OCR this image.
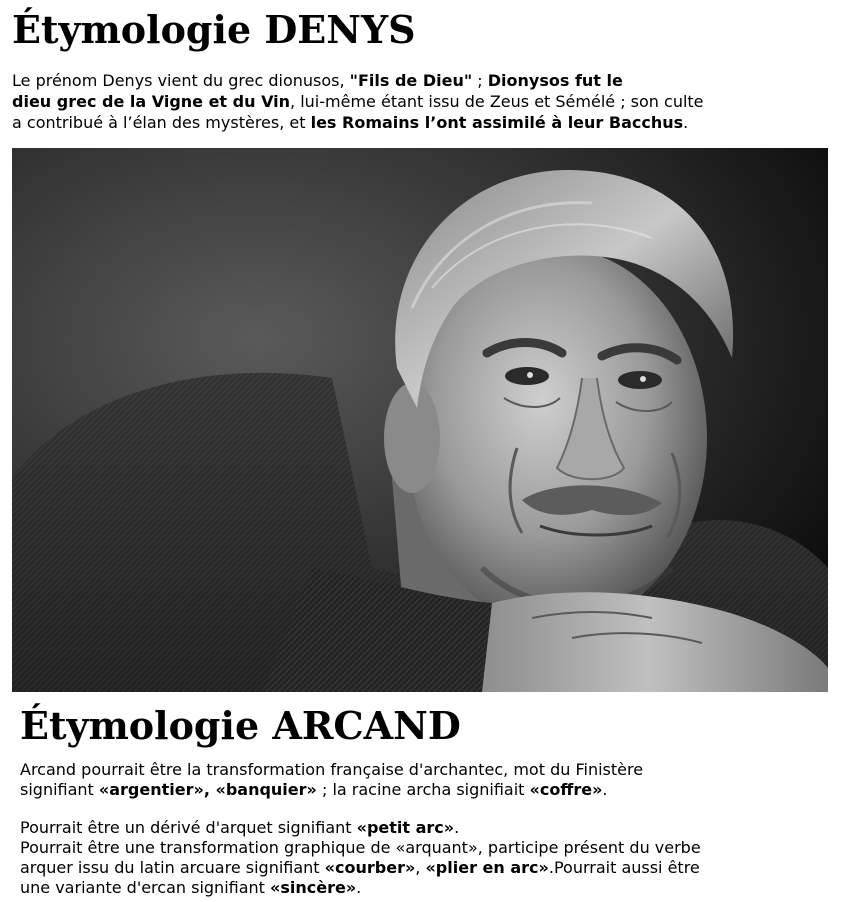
Étymologie DENYS

Le prénom Denys vient du grec dionusos, "Fils de Dieu" ; Dionysos fut le
dieu grec de la Vigne et du Vin, lui-même étant issu de Zeus et Sémélé ; son culte
a contribué à l’élan des mystères, et les Romains l’ont assimilé à leur Bacchus.

Étymologie ARCAND

Arcand pourrait être la transformation française d'archantec, mot du Finistère
signifiant «argentier», «banquier» ; la racine archa signifiait «coffre».

Pourrait être un dérivé d'arquet signifiant «petit arc».
Pourrait être une transformation graphique de «arquant», participe présent du verbe
arquer issu du latin arcuare signifiant «courber», «plier en arc».Pourrait aussi être
une variante d'ercan signifiant «sincère».
